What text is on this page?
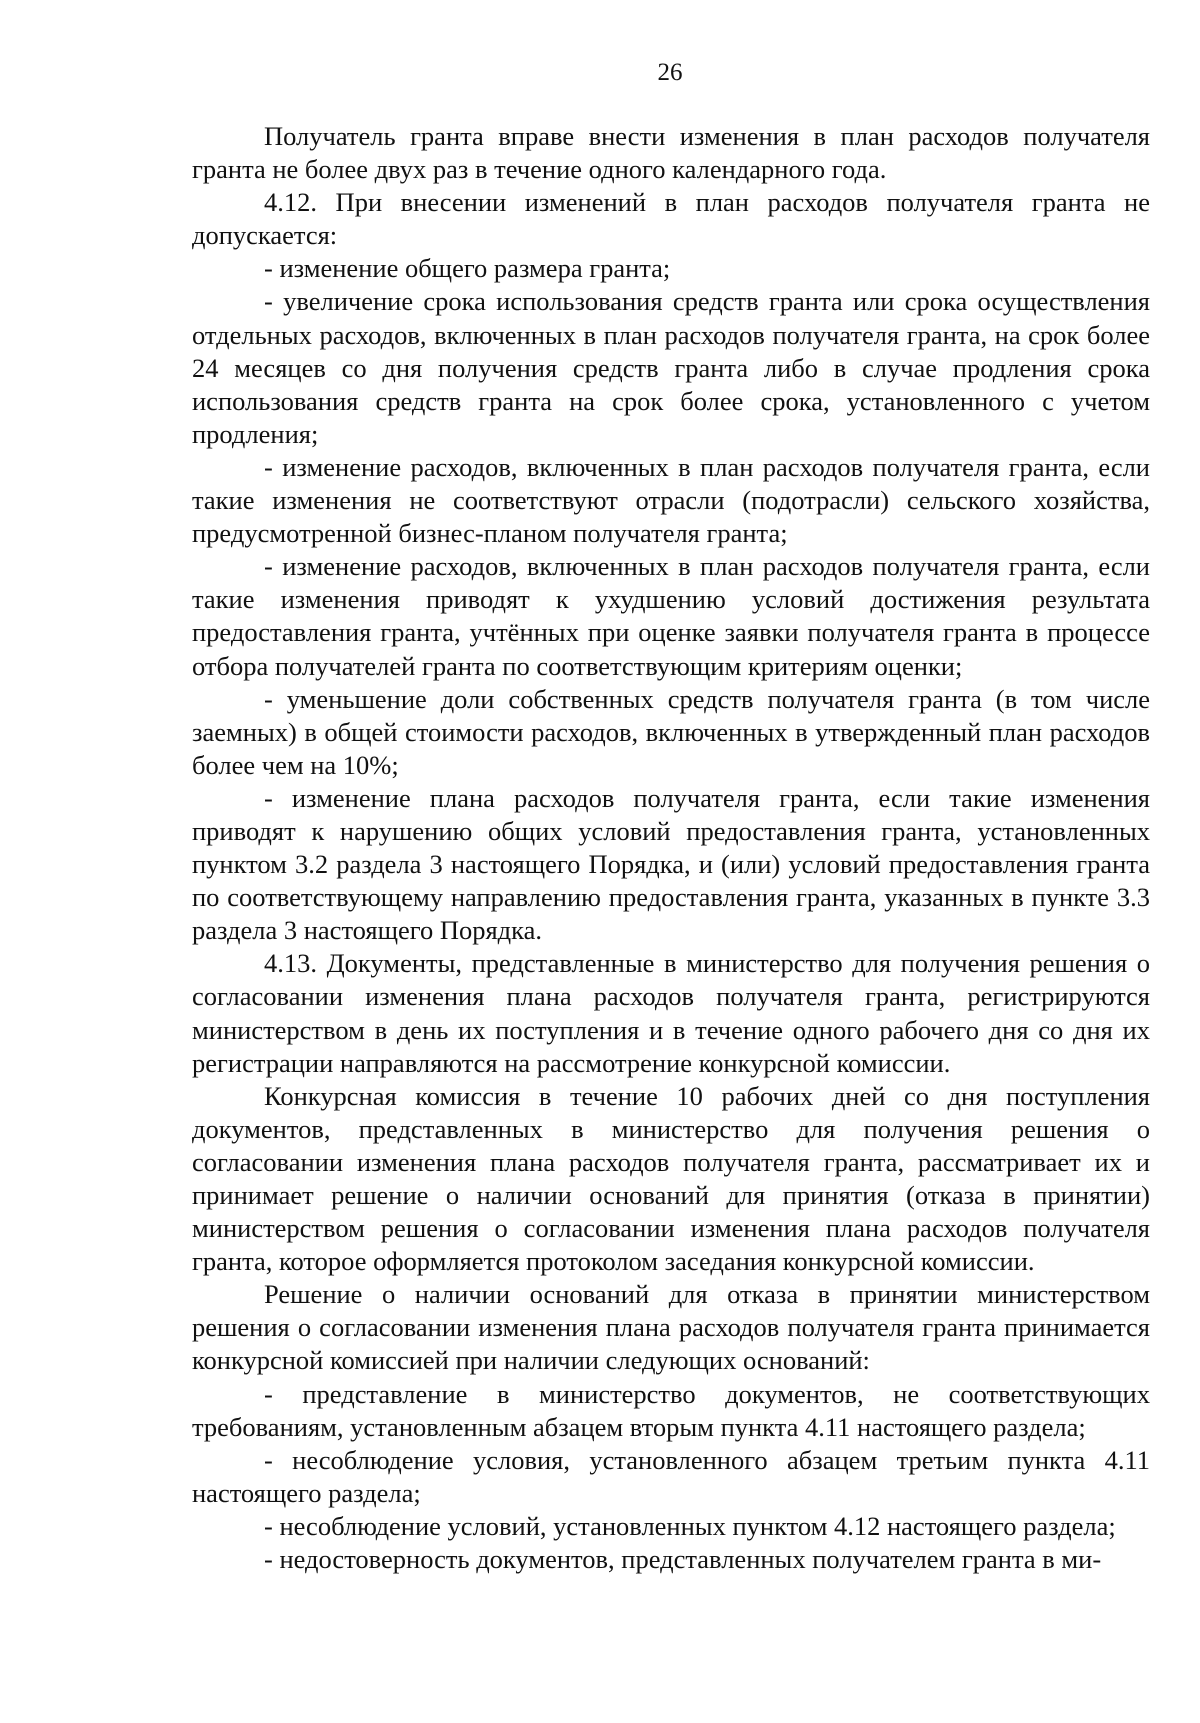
26

Получатель гранта вправе внести изменения в план расходов получателя гранта не более двух раз в течение одного календарного года.

4.12. При внесении изменений в план расходов получателя гранта не допускается:

- изменение общего размера гранта;

- увеличение срока использования средств гранта или срока осуществления отдельных расходов, включенных в план расходов получателя гранта, на срок более 24 месяцев со дня получения средств гранта либо в случае продления срока использования средств гранта на срок более срока, установленного с учетом продления;

- изменение расходов, включенных в план расходов получателя гранта, если такие изменения не соответствуют отрасли (подотрасли) сельского хозяйства, предусмотренной бизнес-планом получателя гранта;

- изменение расходов, включенных в план расходов получателя гранта, если такие изменения приводят к ухудшению условий достижения результата предоставления гранта, учтённых при оценке заявки получателя гранта в процессе отбора получателей гранта по соответствующим критериям оценки;

- уменьшение доли собственных средств получателя гранта (в том числе заемных) в общей стоимости расходов, включенных в утвержденный план расходов более чем на 10%;

- изменение плана расходов получателя гранта, если такие изменения приводят к нарушению общих условий предоставления гранта, установленных пунктом 3.2 раздела 3 настоящего Порядка, и (или) условий предоставления гранта по соответствующему направлению предоставления гранта, указанных в пункте 3.3 раздела 3 настоящего Порядка.

4.13. Документы, представленные в министерство для получения решения о согласовании изменения плана расходов получателя гранта, регистрируются министерством в день их поступления и в течение одного рабочего дня со дня их регистрации направляются на рассмотрение конкурсной комиссии.

Конкурсная комиссия в течение 10 рабочих дней со дня поступления документов, представленных в министерство для получения решения о согласовании изменения плана расходов получателя гранта, рассматривает их и принимает решение о наличии оснований для принятия (отказа в принятии) министерством решения о согласовании изменения плана расходов получателя гранта, которое оформляется протоколом заседания конкурсной комиссии.

Решение о наличии оснований для отказа в принятии министерством решения о согласовании изменения плана расходов получателя гранта принимается конкурсной комиссией при наличии следующих оснований:

- представление в министерство документов, не соответствующих требованиям, установленным абзацем вторым пункта 4.11 настоящего раздела;

- несоблюдение условия, установленного абзацем третьим пункта 4.11 настоящего раздела;

- несоблюдение условий, установленных пунктом 4.12 настоящего раздела;

- недостоверность документов, представленных получателем гранта в ми-
